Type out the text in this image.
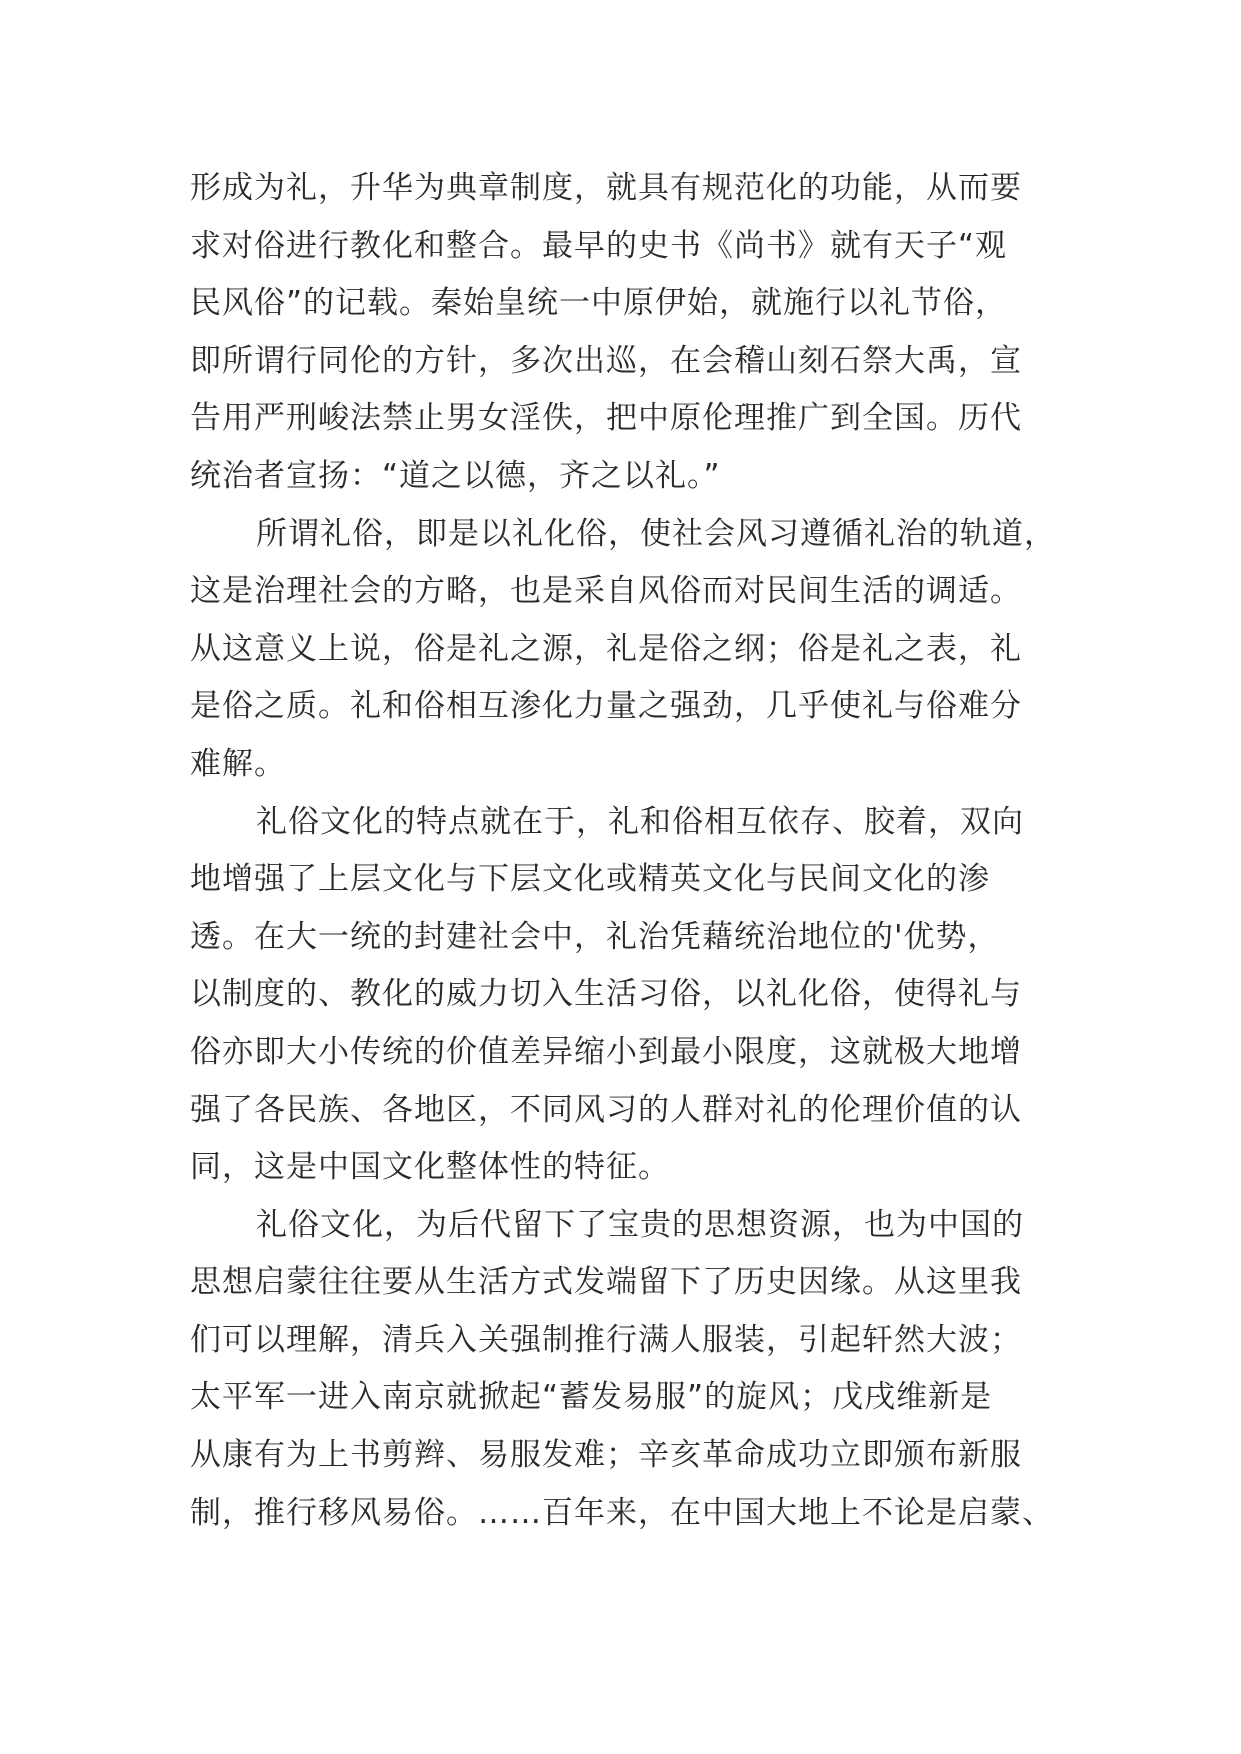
形成为礼，升华为典章制度，就具有规范化的功能，从而要
求对俗进行教化和整合。最早的史书《尚书》就有天子“观
民风俗”的记载。秦始皇统一中原伊始，就施行以礼节俗，
即所谓行同伦的方针，多次出巡，在会稽山刻石祭大禹，宣
告用严刑峻法禁止男女淫佚，把中原伦理推广到全国。历代
统治者宣扬：“道之以德，齐之以礼。”
所谓礼俗，即是以礼化俗，使社会风习遵循礼治的轨道，
这是治理社会的方略，也是采自风俗而对民间生活的调适。
从这意义上说，俗是礼之源，礼是俗之纲；俗是礼之表，礼
是俗之质。礼和俗相互渗化力量之强劲，几乎使礼与俗难分
难解。
礼俗文化的特点就在于，礼和俗相互依存、胶着，双向
地增强了上层文化与下层文化或精英文化与民间文化的渗
透。在大一统的封建社会中，礼治凭藉统治地位的'优势，
以制度的、教化的威力切入生活习俗，以礼化俗，使得礼与
俗亦即大小传统的价值差异缩小到最小限度，这就极大地增
强了各民族、各地区，不同风习的人群对礼的伦理价值的认
同，这是中国文化整体性的特征。
礼俗文化，为后代留下了宝贵的思想资源，也为中国的
思想启蒙往往要从生活方式发端留下了历史因缘。从这里我
们可以理解，清兵入关强制推行满人服装，引起轩然大波；
太平军一进入南京就掀起“蓄发易服”的旋风；戊戌维新是
从康有为上书剪辫、易服发难；辛亥革命成功立即颁布新服
制，推行移风易俗。……百年来，在中国大地上不论是启蒙、
